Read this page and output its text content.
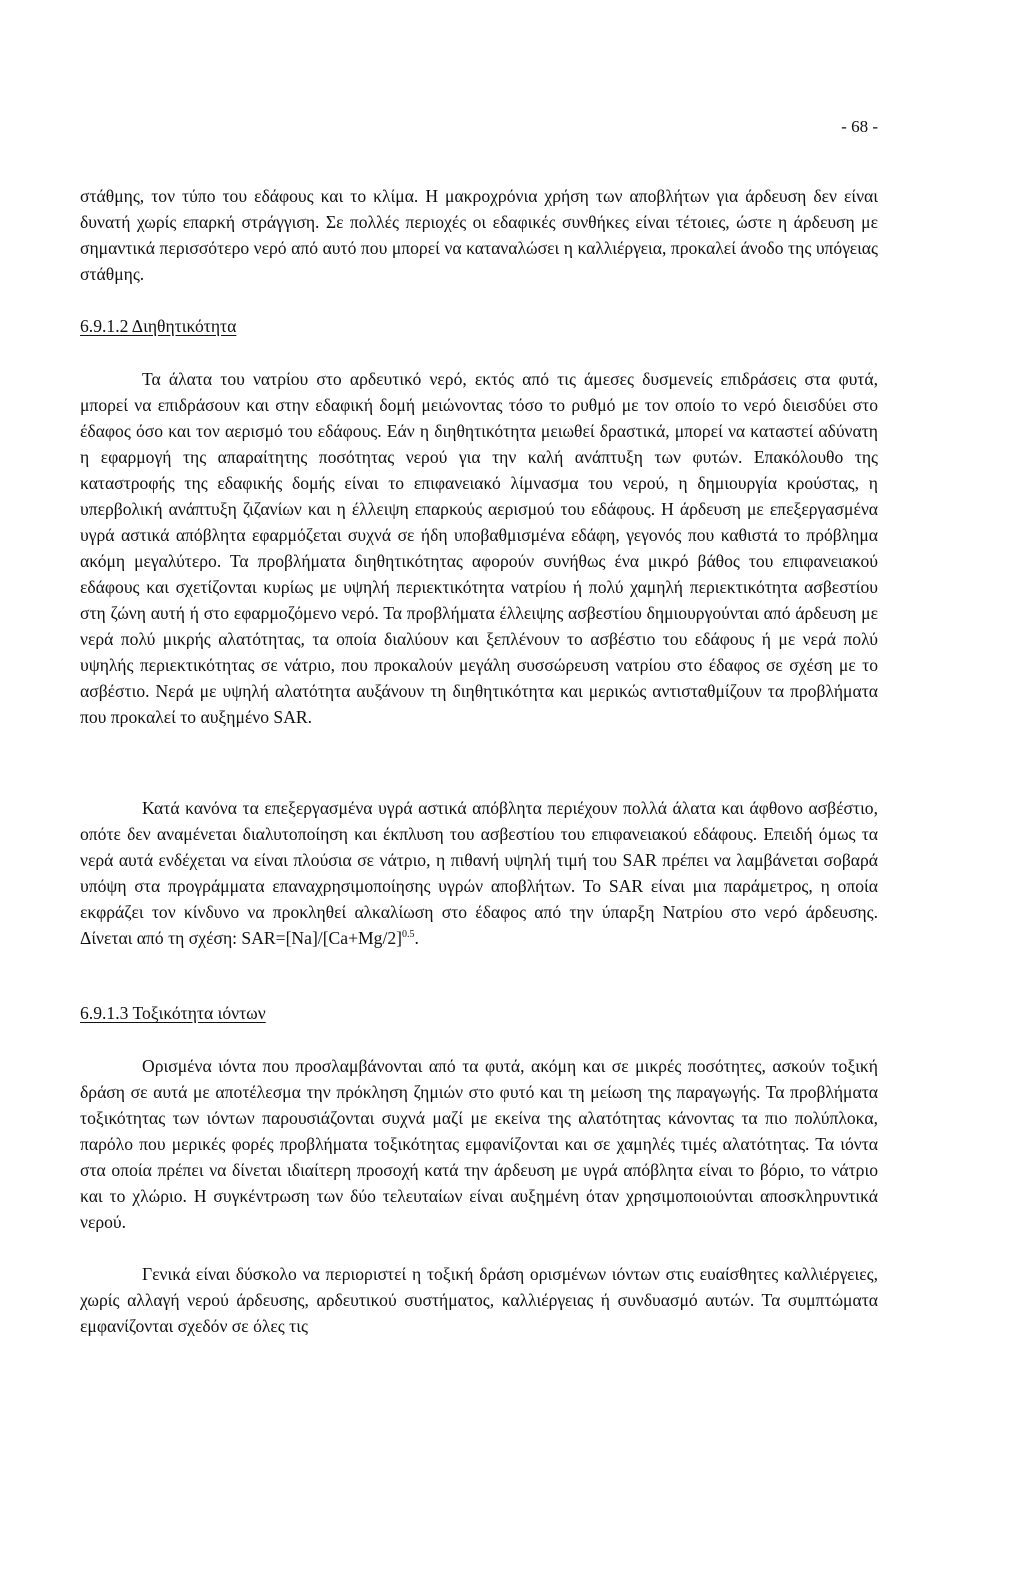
- 68 -

στάθμης, τον τύπο του εδάφους και το κλίμα. Η μακροχρόνια χρήση των αποβλήτων για άρδευση δεν είναι δυνατή χωρίς επαρκή στράγγιση. Σε πολλές περιοχές οι εδαφικές συνθήκες είναι τέτοιες, ώστε η άρδευση με σημαντικά περισσότερο νερό από αυτό που μπορεί να καταναλώσει η καλλιέργεια, προκαλεί άνοδο της υπόγειας στάθμης.

6.9.1.2 Διηθητικότητα

Τα άλατα του νατρίου στο αρδευτικό νερό, εκτός από τις άμεσες δυσμενείς επιδράσεις στα φυτά, μπορεί να επιδράσουν και στην εδαφική δομή μειώνοντας τόσο το ρυθμό με τον οποίο το νερό διεισδύει στο έδαφος όσο και τον αερισμό του εδάφους. Εάν η διηθητικότητα μειωθεί δραστικά, μπορεί να καταστεί αδύνατη η εφαρμογή της απαραίτητης ποσότητας νερού για την καλή ανάπτυξη των φυτών. Επακόλουθο της καταστροφής της εδαφικής δομής είναι το επιφανειακό λίμνασμα του νερού, η δημιουργία κρούστας, η υπερβολική ανάπτυξη ζιζανίων και η έλλειψη επαρκούς αερισμού του εδάφους. Η άρδευση με επεξεργασμένα υγρά αστικά απόβλητα εφαρμόζεται συχνά σε ήδη υποβαθμισμένα εδάφη, γεγονός που καθιστά το πρόβλημα ακόμη μεγαλύτερο. Τα προβλήματα διηθητικότητας αφορούν συνήθως ένα μικρό βάθος του επιφανειακού εδάφους και σχετίζονται κυρίως με υψηλή περιεκτικότητα νατρίου ή πολύ χαμηλή περιεκτικότητα ασβεστίου στη ζώνη αυτή ή στο εφαρμοζόμενο νερό. Τα προβλήματα έλλειψης ασβεστίου δημιουργούνται από άρδευση με νερά πολύ μικρής αλατότητας, τα οποία διαλύουν και ξεπλένουν το ασβέστιο του εδάφους ή με νερά πολύ υψηλής περιεκτικότητας σε νάτριο, που προκαλούν μεγάλη συσσώρευση νατρίου στο έδαφος σε σχέση με το ασβέστιο. Νερά με υψηλή αλατότητα αυξάνουν τη διηθητικότητα και μερικώς αντισταθμίζουν τα προβλήματα που προκαλεί το αυξημένο SAR.

Κατά κανόνα τα επεξεργασμένα υγρά αστικά απόβλητα περιέχουν πολλά άλατα και άφθονο ασβέστιο, οπότε δεν αναμένεται διαλυτοποίηση και έκπλυση του ασβεστίου του επιφανειακού εδάφους. Επειδή όμως τα νερά αυτά ενδέχεται να είναι πλούσια σε νάτριο, η πιθανή υψηλή τιμή του SAR πρέπει να λαμβάνεται σοβαρά υπόψη στα προγράμματα επαναχρησιμοποίησης υγρών αποβλήτων. Το SAR είναι μια παράμετρος, η οποία εκφράζει τον κίνδυνο να προκληθεί αλκαλίωση στο έδαφος από την ύπαρξη Νατρίου στο νερό άρδευσης. Δίνεται από τη σχέση: $SAR=[Na]/[Ca+Mg/2]^{0.5}$.

6.9.1.3 Τοξικότητα ιόντων

Ορισμένα ιόντα που προσλαμβάνονται από τα φυτά, ακόμη και σε μικρές ποσότητες, ασκούν τοξική δράση σε αυτά με αποτέλεσμα την πρόκληση ζημιών στο φυτό και τη μείωση της παραγωγής. Τα προβλήματα τοξικότητας των ιόντων παρουσιάζονται συχνά μαζί με εκείνα της αλατότητας κάνοντας τα πιο πολύπλοκα, παρόλο που μερικές φορές προβλήματα τοξικότητας εμφανίζονται και σε χαμηλές τιμές αλατότητας. Τα ιόντα στα οποία πρέπει να δίνεται ιδιαίτερη προσοχή κατά την άρδευση με υγρά απόβλητα είναι το βόριο, το νάτριο και το χλώριο. Η συγκέντρωση των δύο τελευταίων είναι αυξημένη όταν χρησιμοποιούνται αποσκληρυντικά νερού.

Γενικά είναι δύσκολο να περιοριστεί η τοξική δράση ορισμένων ιόντων στις ευαίσθητες καλλιέργειες, χωρίς αλλαγή νερού άρδευσης, αρδευτικού συστήματος, καλλιέργειας ή συνδυασμό αυτών. Τα συμπτώματα εμφανίζονται σχεδόν σε όλες τις
